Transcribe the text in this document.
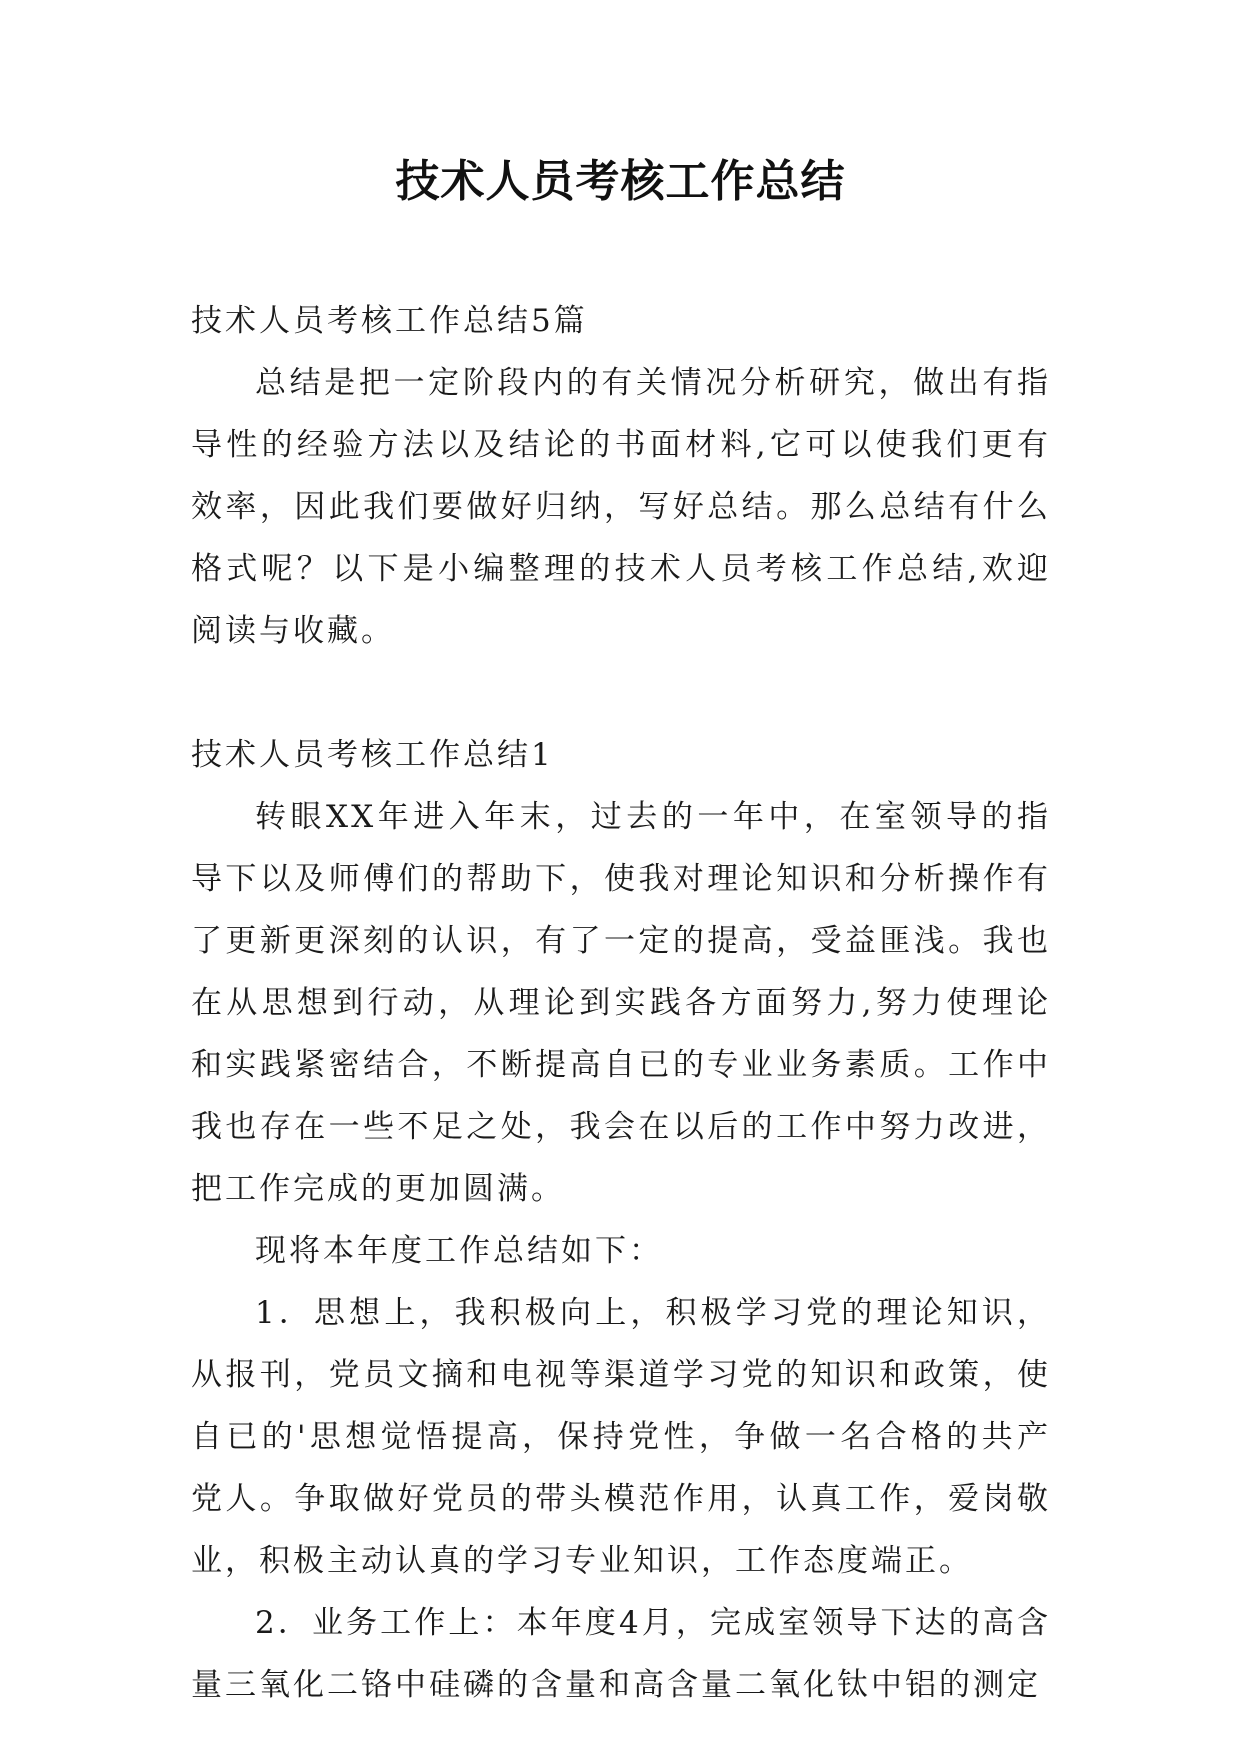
技术人员考核工作总结

技术人员考核工作总结5篇

总结是把一定阶段内的有关情况分析研究，做出有指导性的经验方法以及结论的书面材料,它可以使我们更有效率，因此我们要做好归纳，写好总结。那么总结有什么格式呢？以下是小编整理的技术人员考核工作总结,欢迎阅读与收藏。

技术人员考核工作总结1

转眼XX年进入年末，过去的一年中，在室领导的指导下以及师傅们的帮助下，使我对理论知识和分析操作有了更新更深刻的认识，有了一定的提高，受益匪浅。我也在从思想到行动，从理论到实践各方面努力,努力使理论和实践紧密结合，不断提高自已的专业业务素质。工作中我也存在一些不足之处，我会在以后的工作中努力改进，把工作完成的更加圆满。

现将本年度工作总结如下：

1．思想上，我积极向上，积极学习党的理论知识，从报刊，党员文摘和电视等渠道学习党的知识和政策，使自已的'思想觉悟提高，保持党性，争做一名合格的共产党人。争取做好党员的带头模范作用，认真工作，爱岗敬业，积极主动认真的学习专业知识，工作态度端正。

2．业务工作上：本年度4月，完成室领导下达的高含量三氧化二铬中硅磷的含量和高含量二氧化钛中铝的测定
